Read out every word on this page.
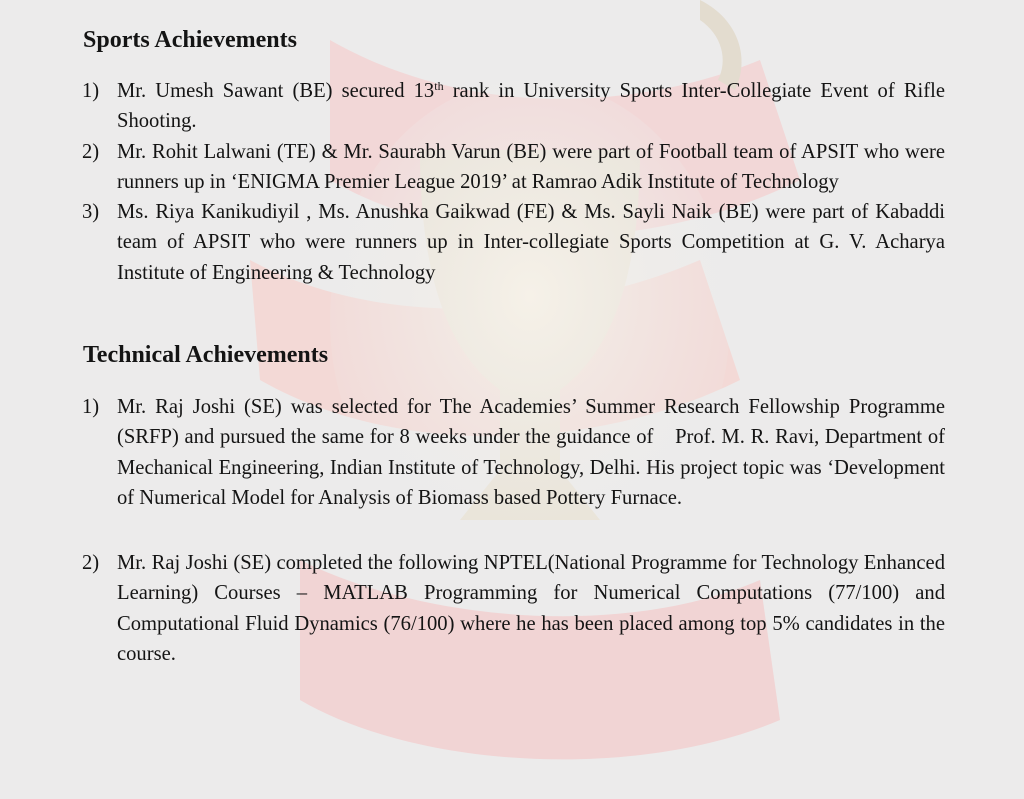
Sports Achievements
1) Mr. Umesh Sawant (BE) secured 13th rank in University Sports Inter-Collegiate Event of Rifle Shooting.
2) Mr. Rohit Lalwani (TE) & Mr. Saurabh Varun (BE) were part of Football team of APSIT who were runners up in ‘ENIGMA Premier League 2019’ at Ramrao Adik Institute of Technology
3) Ms. Riya Kanikudiyil , Ms. Anushka Gaikwad (FE) & Ms. Sayli Naik (BE) were part of Kabaddi team of APSIT who were runners up in Inter-collegiate Sports Competition at G. V. Acharya Institute of Engineering & Technology
Technical Achievements
1) Mr. Raj Joshi (SE) was selected for The Academies’ Summer Research Fellowship Programme (SRFP) and pursued the same for 8 weeks under the guidance of Prof. M. R. Ravi, Department of Mechanical Engineering, Indian Institute of Technology, Delhi. His project topic was ‘Development of Numerical Model for Analysis of Biomass based Pottery Furnace.
2) Mr. Raj Joshi (SE) completed the following NPTEL(National Programme for Technology Enhanced Learning) Courses – MATLAB Programming for Numerical Computations (77/100) and Computational Fluid Dynamics (76/100) where he has been placed among top 5% candidates in the course.
